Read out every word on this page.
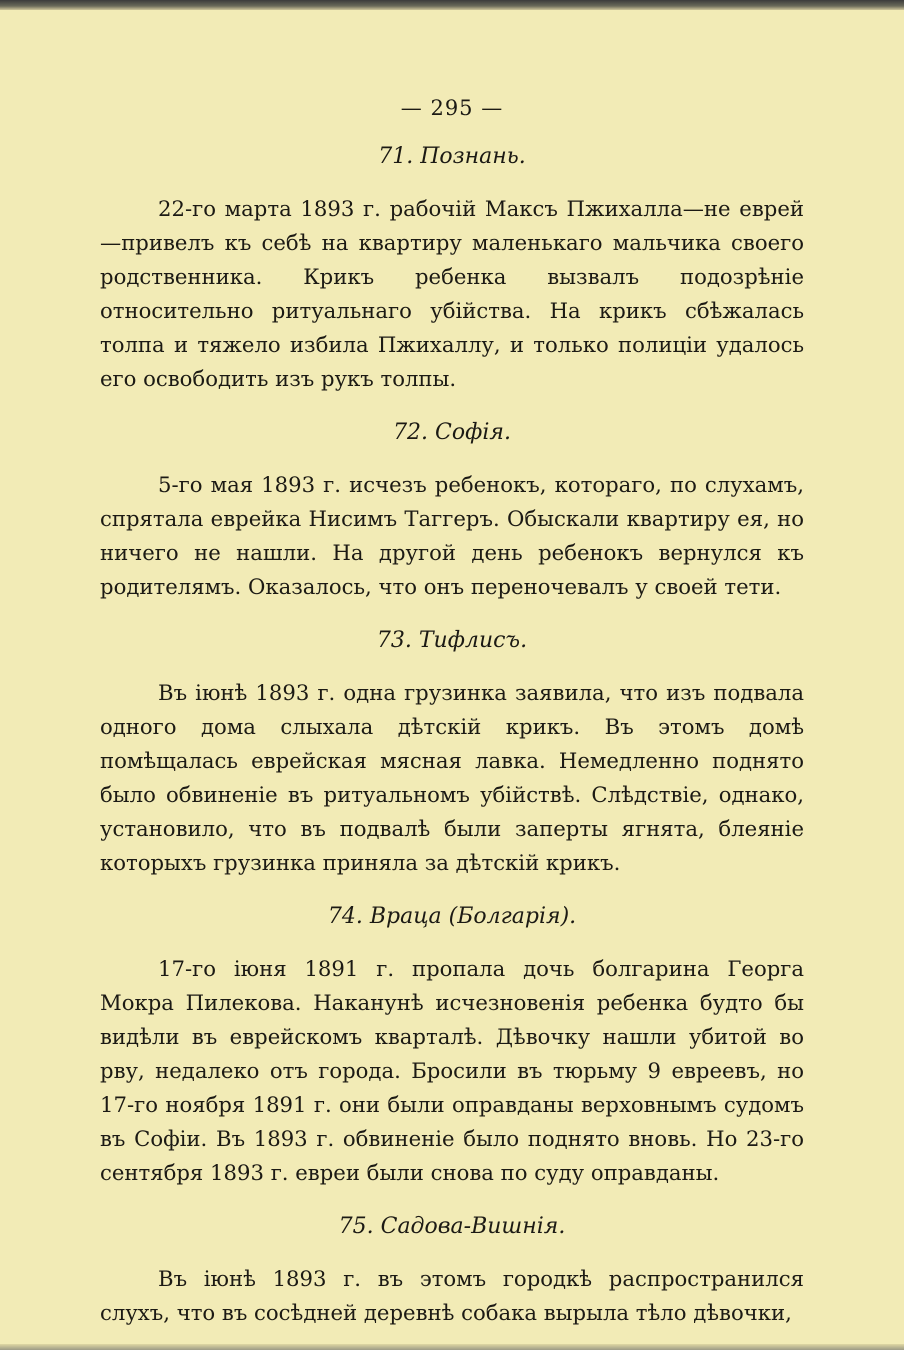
— 295 —
71. Познань.

22-го марта 1893 г. рабочій Максъ Пжихалла—не еврей —привелъ къ себѣ на квартиру маленькаго мальчика своего родственника. Крикъ ребенка вызвалъ подозрѣніе относительно ритуальнаго убійства. На крикъ сбѣжалась толпа и тяжело избила Пжихаллу, и только полиціи удалось его освободить изъ рукъ толпы.

72. Софія.

5-го мая 1893 г. исчезъ ребенокъ, котораго, по слухамъ, спрятала еврейка Нисимъ Таггеръ. Обыскали квартиру ея, но ничего не нашли. На другой день ребенокъ вернулся къ родителямъ. Оказалось, что онъ переночевалъ у своей тети.

73. Тифлисъ.

Въ іюнѣ 1893 г. одна грузинка заявила, что изъ подвала одного дома слыхала дѣтскій крикъ. Въ этомъ домѣ помѣщалась еврейская мясная лавка. Немедленно поднято было обвиненіе въ ритуальномъ убійствѣ. Слѣдствіе, однако, установило, что въ подвалѣ были заперты ягнята, блеяніе которыхъ грузинка приняла за дѣтскій крикъ.

74. Враца (Болгарія).

17-го іюня 1891 г. пропала дочь болгарина Георга Мокра Пилекова. Наканунѣ исчезновенія ребенка будто бы видѣли въ еврейскомъ кварталѣ. Дѣвочку нашли убитой во рву, недалеко отъ города. Бросили въ тюрьму 9 евреевъ, но 17-го ноября 1891 г. они были оправданы верховнымъ судомъ въ Софіи. Въ 1893 г. обвиненіе было поднято вновь. Но 23-го сентября 1893 г. евреи были снова по суду оправданы.

75. Садова-Вишнія.

Въ іюнѣ 1893 г. въ этомъ городкѣ распространился слухъ, что въ сосѣдней деревнѣ собака вырыла тѣло дѣвочки,
